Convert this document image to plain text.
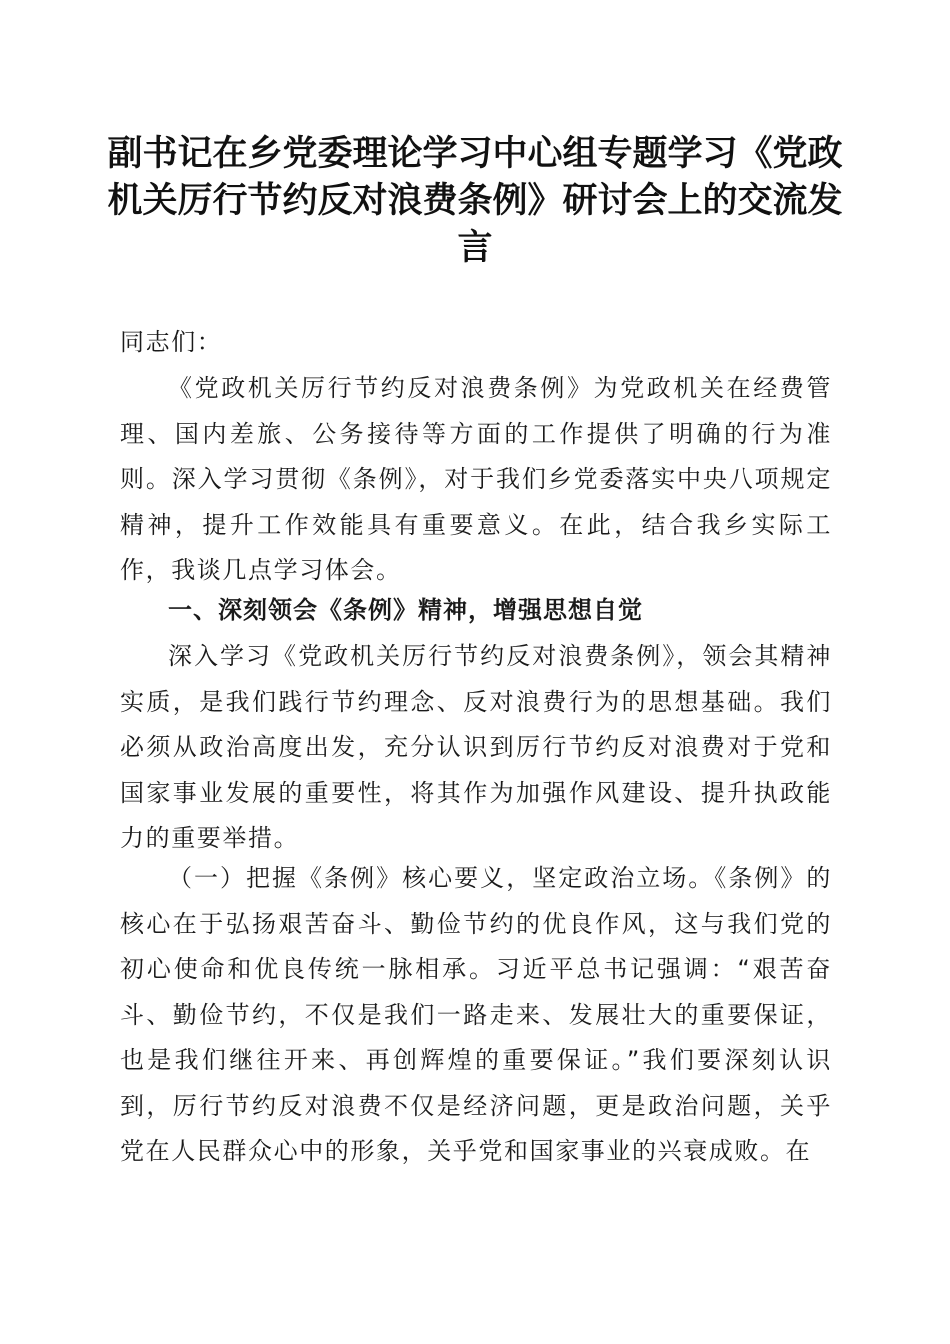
副书记在乡党委理论学习中心组专题学习《党政机关厉行节约反对浪费条例》研讨会上的交流发言

同志们：

《党政机关厉行节约反对浪费条例》为党政机关在经费管理、国内差旅、公务接待等方面的工作提供了明确的行为准则。深入学习贯彻《条例》，对于我们乡党委落实中央八项规定精神，提升工作效能具有重要意义。在此，结合我乡实际工作，我谈几点学习体会。

一、深刻领会《条例》精神，增强思想自觉

深入学习《党政机关厉行节约反对浪费条例》，领会其精神实质，是我们践行节约理念、反对浪费行为的思想基础。我们必须从政治高度出发，充分认识到厉行节约反对浪费对于党和国家事业发展的重要性，将其作为加强作风建设、提升执政能力的重要举措。

（一）把握《条例》核心要义，坚定政治立场。《条例》的核心在于弘扬艰苦奋斗、勤俭节约的优良作风，这与我们党的初心使命和优良传统一脉相承。习近平总书记强调：“艰苦奋斗、勤俭节约，不仅是我们一路走来、发展壮大的重要保证，也是我们继往开来、再创辉煌的重要保证。”我们要深刻认识到，厉行节约反对浪费不仅是经济问题，更是政治问题，关乎党在人民群众心中的形象，关乎党和国家事业的兴衰成败。在
